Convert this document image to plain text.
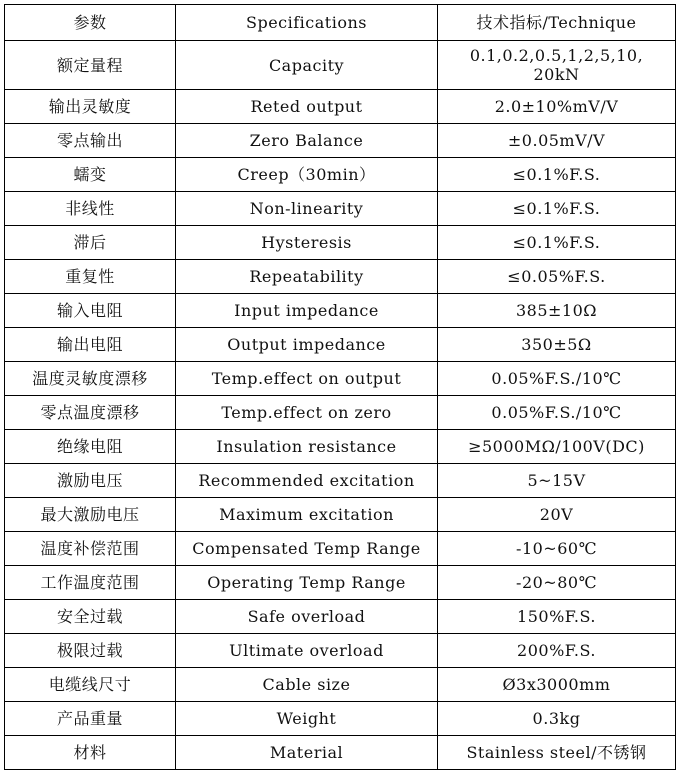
参数	Specifications	技术指标/Technique
额定量程	Capacity	0.1,0.2,0.5,1,2,5,10,
20kN
输出灵敏度	Reted output	2.0±10%mV/V
零点输出	Zero Balance	±0.05mV/V
蠕变	Creep（30min）	≤0.1%F.S.
非线性	Non-linearity	≤0.1%F.S.
滞后	Hysteresis	≤0.1%F.S.
重复性	Repeatability	≤0.05%F.S.
输入电阻	Input impedance	385±10Ω
输出电阻	Output impedance	350±5Ω
温度灵敏度漂移	Temp.effect on output	0.05%F.S./10℃
零点温度漂移	Temp.effect on zero	0.05%F.S./10℃
绝缘电阻	Insulation resistance	≥5000MΩ/100V(DC)
激励电压	Recommended excitation	5~15V
最大激励电压	Maximum excitation	20V
温度补偿范围	Compensated Temp Range	-10~60℃
工作温度范围	Operating Temp Range	-20~80℃
安全过载	Safe overload	150%F.S.
极限过载	Ultimate overload	200%F.S.
电缆线尺寸	Cable size	Ø3x3000mm
产品重量	Weight	0.3kg
材料	Material	Stainless steel/不锈钢
